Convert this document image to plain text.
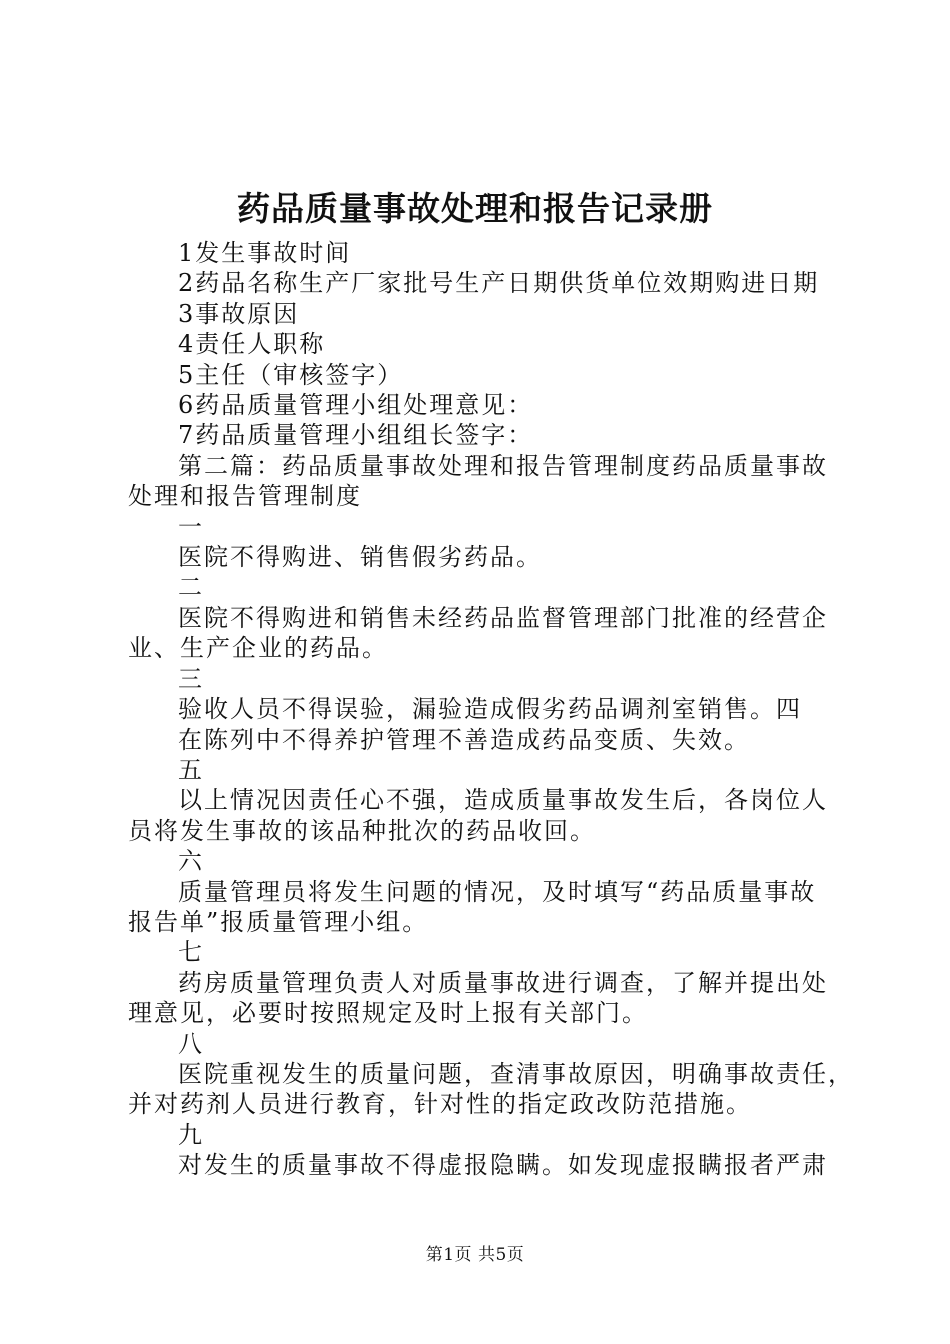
药品质量事故处理和报告记录册
1发生事故时间
2药品名称生产厂家批号生产日期供货单位效期购进日期
3事故原因
4责任人职称
5主任（审核签字）
6药品质量管理小组处理意见：
7药品质量管理小组组长签字：
第二篇：药品质量事故处理和报告管理制度药品质量事故
处理和报告管理制度
一
医院不得购进、销售假劣药品。
二
医院不得购进和销售未经药品监督管理部门批准的经营企
业、生产企业的药品。
三
验收人员不得误验，漏验造成假劣药品调剂室销售。四
在陈列中不得养护管理不善造成药品变质、失效。
五
以上情况因责任心不强，造成质量事故发生后，各岗位人
员将发生事故的该品种批次的药品收回。
六
质量管理员将发生问题的情况，及时填写“药品质量事故
报告单”报质量管理小组。
七
药房质量管理负责人对质量事故进行调查，了解并提出处
理意见，必要时按照规定及时上报有关部门。
八
医院重视发生的质量问题，查清事故原因，明确事故责任，
并对药剂人员进行教育，针对性的指定政改防范措施。
九
对发生的质量事故不得虚报隐瞒。如发现虚报瞒报者严肃
第1页 共5页
